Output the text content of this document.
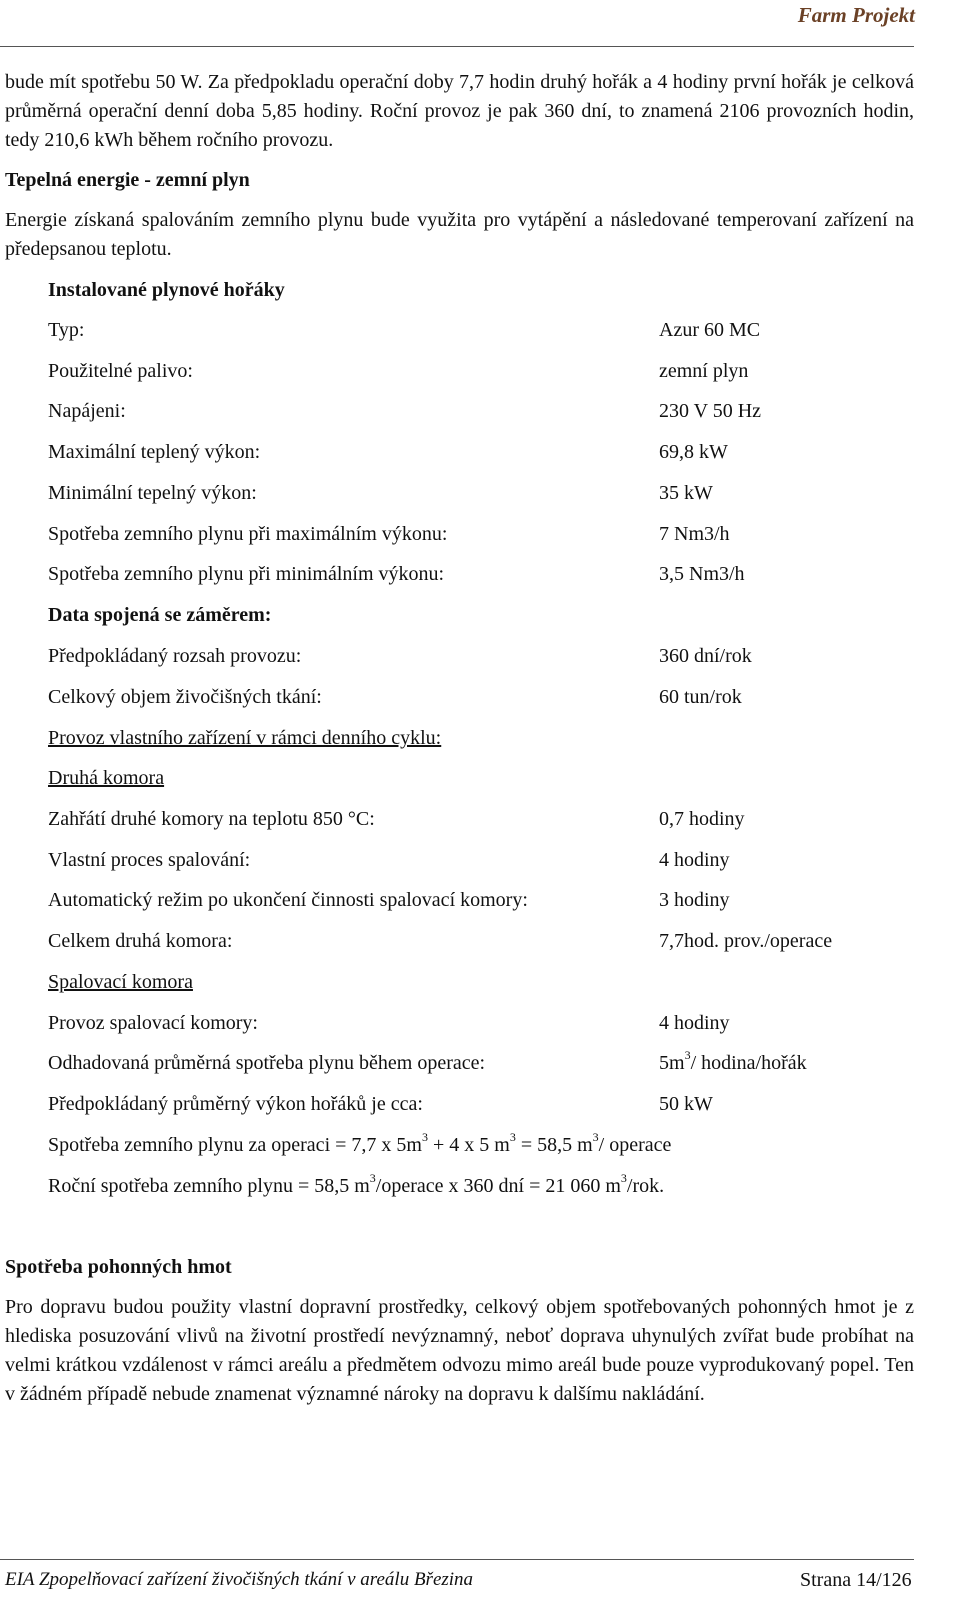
Farm Projekt
bude mít spotřebu 50 W. Za předpokladu operační doby 7,7 hodin druhý hořák a 4 hodiny první hořák je celková průměrná operační denní doba 5,85 hodiny. Roční provoz je pak 360 dní, to znamená 2106 provozních hodin, tedy 210,6 kWh během ročního provozu.
Tepelná energie - zemní plyn
Energie získaná spalováním zemního plynu bude využita pro vytápění a následované temperovaní zařízení na předepsanou teplotu.
Instalované plynové hořáky
Typ:	Azur 60 MC
Použitelné palivo:	zemní plyn
Napájeni:	230 V 50 Hz
Maximální teplený výkon:	69,8 kW
Minimální tepelný výkon:	35 kW
Spotřeba zemního plynu při maximálním výkonu:	7 Nm3/h
Spotřeba zemního plynu při minimálním výkonu:	3,5 Nm3/h
Data spojená se záměrem:
Předpokládaný rozsah provozu:	360 dní/rok
Celkový objem živočišných tkání:	60 tun/rok
Provoz vlastního zařízení v rámci denního cyklu:
Druhá komora
Zahřátí druhé komory na teplotu 850 °C:	0,7 hodiny
Vlastní proces spalování:	4 hodiny
Automatický režim po ukončení činnosti spalovací komory:	3 hodiny
Celkem druhá komora:	7,7hod. prov./operace
Spalovací komora
Provoz spalovací komory:	4 hodiny
Odhadovaná průměrná spotřeba plynu během operace:	$5m^3/$ hodina/hořák
Předpokládaný průměrný výkon hořáků je cca:	50 kW
Spotřeba zemního plynu za operaci = 7,7 x $5m^3 + 4$ x 5 $m^3 = 58,5$ $m^3/$ operace
Roční spotřeba zemního plynu = 58,5 $m^3$/operace x 360 dní = 21 060 $m^3$/rok.
Spotřeba pohonných hmot
Pro dopravu budou použity vlastní dopravní prostředky, celkový objem spotřebovaných pohonných hmot je z hlediska posuzování vlivů na životní prostředí nevýznamný, neboť doprava uhynulých zvířat bude probíhat na velmi krátkou vzdálenost v rámci areálu a předmětem odvozu mimo areál bude pouze vyprodukovaný popel. Ten v žádném případě nebude znamenat významné nároky na dopravu k dalšímu nakládání.
EIA Zpopelňovací zařízení živočišných tkání v areálu Březina	Strana 14/126
